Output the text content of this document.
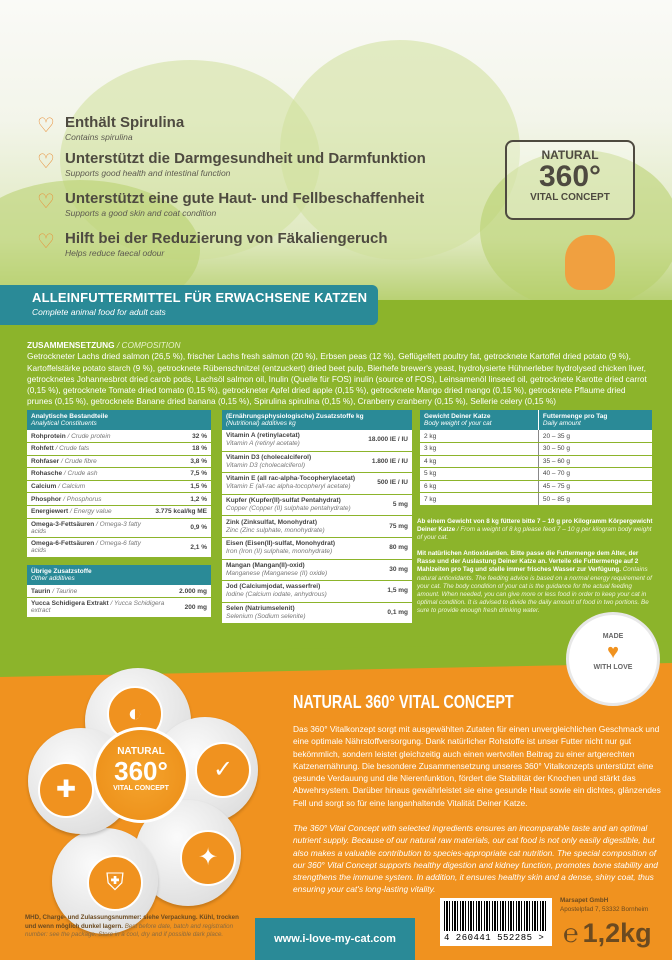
♡ Enthält Spirulina
Contains spirulina
♡ Unterstützt die Darmgesundheit und Darmfunktion
Supports good health and intestinal function
♡ Unterstützt eine gute Haut- und Fellbeschaffenheit
Supports a good skin and coat condition
♡ Hilft bei der Reduzierung von Fäkaliengeruch
Helps reduce faecal odour
NATURAL
360°
VITAL CONCEPT
ALLEINFUTTERMITTEL FÜR ERWACHSENE KATZEN
Complete animal food for adult cats
ZUSAMMENSETZUNG / COMPOSITION
Getrockneter Lachs dried salmon (26,5 %), frischer Lachs fresh salmon (20 %), Erbsen peas (12 %), Geflügelfett poultry fat, getrocknete Kartoffel dried potato (9 %), Kartoffelstärke potato starch (9 %), getrocknete Rübenschnitzel (entzuckert) dried beet pulp, Bierhefe brewer's yeast, hydrolysierte Hühnerleber hydrolysed chicken liver, getrocknetes Johannesbrot dried carob pods, Lachsöl salmon oil, Inulin (Quelle für FOS) inulin (source of FOS), Leinsamenöl linseed oil, getrocknete Karotte dried carrot (0,15 %), getrocknete Tomate dried tomato (0,15 %), getrockneter Apfel dried apple (0,15 %), getrocknete Mango dried mango (0,15 %), getrocknete Pflaume dried prunes (0,15 %), getrocknete Banane dried banana (0,15 %), Spirulina spirulina (0,15 %), Cranberry cranberry (0,15 %), Sellerie celery (0,15 %)
Analytische Bestandteile
Analytical Constituents	

Rohprotein / Crude protein	32 %
Rohfett / Crude fats	18 %
Rohfaser / Crude fibre	3,8 %
Rohasche / Crude ash	7,5 %
Calcium / Calcium	1,5 %
Phosphor / Phosphorus	1,2 %
Energiewert / Energy value	3.775 kcal/kg ME
Omega-3-Fettsäuren / Omega-3 fatty acids	0,9 %
Omega-6-Fettsäuren / Omega-6 fatty acids	2,1 %
Übrige Zusatzstoffe
Other additives	

Taurin / Taurine	2.000 mg
Yucca Schidigera Extrakt / Yucca Schidigera extract	200 mg
(Ernährungsphysiologische) Zusatzstoffe kg
(Nutritional) additives kg	

Vitamin A (retinylacetat)
Vitamin A (retinyl acetate)	18.000 IE / IU
Vitamin D3 (cholecalciferol)
Vitamin D3 (cholecalciferol)	1.800 IE / IU
Vitamin E (all rac-alpha-Tocopherylacetat)
Vitamin E (all-rac alpha-tocopheryl acetate)	500 IE / IU
Kupfer (Kupfer(II)-sulfat Pentahydrat)
Copper (Copper (II) sulphate pentahydrate)	5 mg
Zink (Zinksulfat, Monohydrat)
Zinc (Zinc sulphate, monohydrate)	75 mg
Eisen (Eisen(II)-sulfat, Monohydrat)
Iron (Iron (II) sulphate, monohydrate)	80 mg
Mangan (Mangan(II)-oxid)
Manganese (Manganese (II) oxide)	30 mg
Jod (Calciumjodat, wasserfrei)
Iodine (Calcium iodate, anhydrous)	1,5 mg
Selen (Natriumselenit)
Selenium (Sodium selenite)	0,1 mg
Gewicht Deiner Katze
Body weight of your cat	Futtermenge pro Tag
Daily amount

2 kg	20 – 35 g
3 kg	30 – 50 g
4 kg	35 – 60 g
5 kg	40 – 70 g
6 kg	45 – 75 g
7 kg	50 – 85 g

Ab einem Gewicht von 8 kg füttere bitte 7 – 10 g pro Kilogramm Körpergewicht Deiner Katze / From a weight of 8 kg please feed 7 – 10 g per kilogram body weight of your cat.

Mit natürlichen Antioxidantien. Bitte passe die Futtermenge dem Alter, der Rasse und der Auslastung Deiner Katze an. Verteile die Futtermenge auf 2 Mahlzeiten pro Tag und stelle immer frisches Wasser zur Verfügung. Contains natural antioxidants. The feeding advice is based on a normal energy requirement of your cat. The body condition of your cat is the guidance for the actual feeding amount. When needed, you can give more or less food in order to keep your cat in optimal condition. It is advised to divide the daily amount of food in two portions. Be sure to provide enough fresh drinking water.

MADE
♥
WITH LOVE
◐
✓
✦
⛨
✚
NATURAL
360°
VITAL CONCEPT
NATURAL 360° VITAL CONCEPT
Das 360° Vitalkonzept sorgt mit ausgewählten Zutaten für einen unvergleichlichen Geschmack und eine optimale Nährstoffversorgung. Dank natürlicher Rohstoffe ist unser Futter nicht nur gut bekömmlich, sondern leistet gleichzeitig auch einen wertvollen Beitrag zu einer artgerechten Katzenernährung. Die besondere Zusammensetzung unseres 360° Vitalkonzepts unterstützt eine gesunde Verdauung und die Nierenfunktion, fördert die Stabilität der Knochen und stärkt das Abwehrsystem. Darüber hinaus gewährleistet sie eine gesunde Haut sowie ein dichtes, glänzendes Fell und sorgt so für eine langanhaltende Vitalität Deiner Katze.
The 360° Vital Concept with selected ingredients ensures an incomparable taste and an optimal nutrient supply. Because of our natural raw materials, our cat food is not only easily digestible, but also makes a valuable contribution to species-appropriate cat nutrition. The special composition of our 360° Vital Concept supports healthy digestion and kidney function, promotes bone stability and strengthens the immune system. In addition, it ensures healthy skin and a dense, shiny coat, thus ensuring your cat's long-lasting vitality.
MHD, Charge- und Zulassungsnummer: siehe Verpackung. Kühl, trocken und wenn möglich dunkel lagern. Best before date, batch and registration number: see the package. Store in a cool, dry and if possible dark place.	www.i-love-my-cat.com	4 260441 552285 >
Marsapet GmbH
Apostelpfad 7, 53332 Bornheim
℮ 1,2kg
